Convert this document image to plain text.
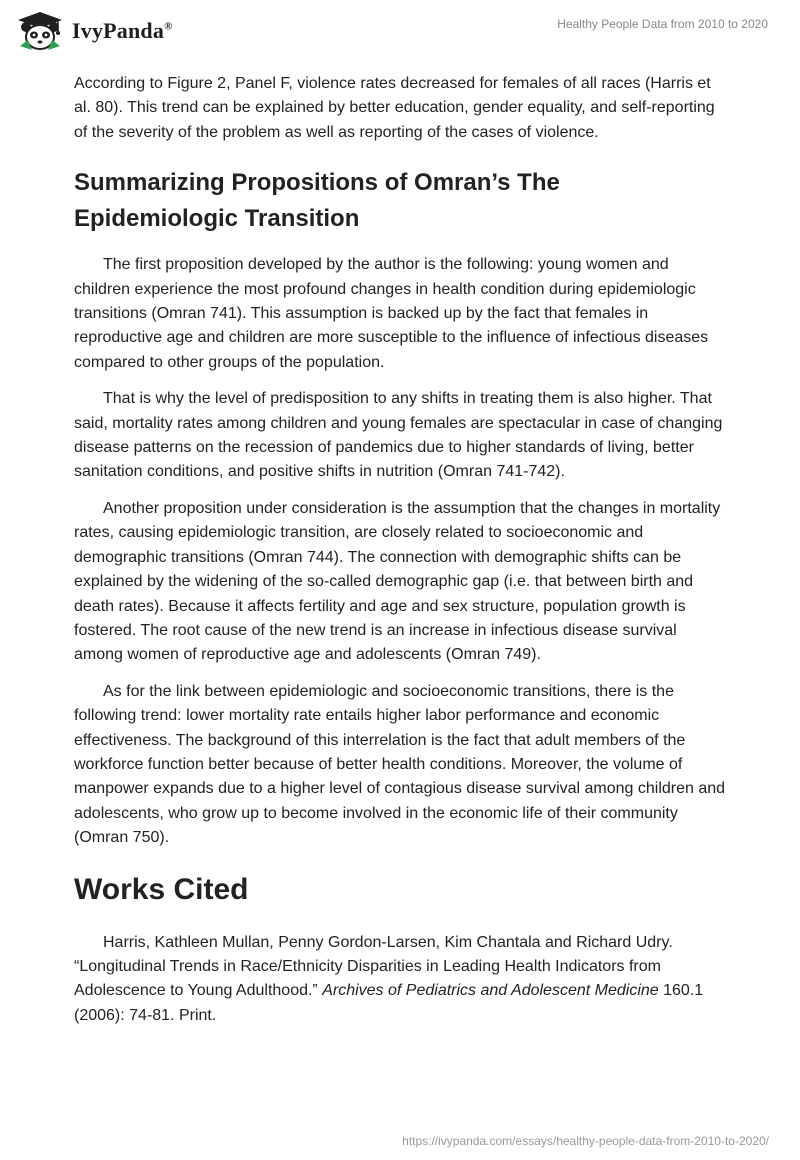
IvyPanda®	Healthy People Data from 2010 to 2020

According to Figure 2, Panel F, violence rates decreased for females of all races (Harris et al. 80). This trend can be explained by better education, gender equality, and self-reporting of the severity of the problem as well as reporting of the cases of violence.

Summarizing Propositions of Omran’s The Epidemiologic Transition

The first proposition developed by the author is the following: young women and children experience the most profound changes in health condition during epidemiologic transitions (Omran 741). This assumption is backed up by the fact that females in reproductive age and children are more susceptible to the influence of infectious diseases compared to other groups of the population.

That is why the level of predisposition to any shifts in treating them is also higher. That said, mortality rates among children and young females are spectacular in case of changing disease patterns on the recession of pandemics due to higher standards of living, better sanitation conditions, and positive shifts in nutrition (Omran 741-742).

Another proposition under consideration is the assumption that the changes in mortality rates, causing epidemiologic transition, are closely related to socioeconomic and demographic transitions (Omran 744). The connection with demographic shifts can be explained by the widening of the so-called demographic gap (i.e. that between birth and death rates). Because it affects fertility and age and sex structure, population growth is fostered. The root cause of the new trend is an increase in infectious disease survival among women of reproductive age and adolescents (Omran 749).

As for the link between epidemiologic and socioeconomic transitions, there is the following trend: lower mortality rate entails higher labor performance and economic effectiveness. The background of this interrelation is the fact that adult members of the workforce function better because of better health conditions. Moreover, the volume of manpower expands due to a higher level of contagious disease survival among children and adolescents, who grow up to become involved in the economic life of their community (Omran 750).

Works Cited

Harris, Kathleen Mullan, Penny Gordon-Larsen, Kim Chantala and Richard Udry. “Longitudinal Trends in Race/Ethnicity Disparities in Leading Health Indicators from Adolescence to Young Adulthood.” Archives of Pediatrics and Adolescent Medicine 160.1 (2006): 74-81. Print.

https://ivypanda.com/essays/healthy-people-data-from-2010-to-2020/
